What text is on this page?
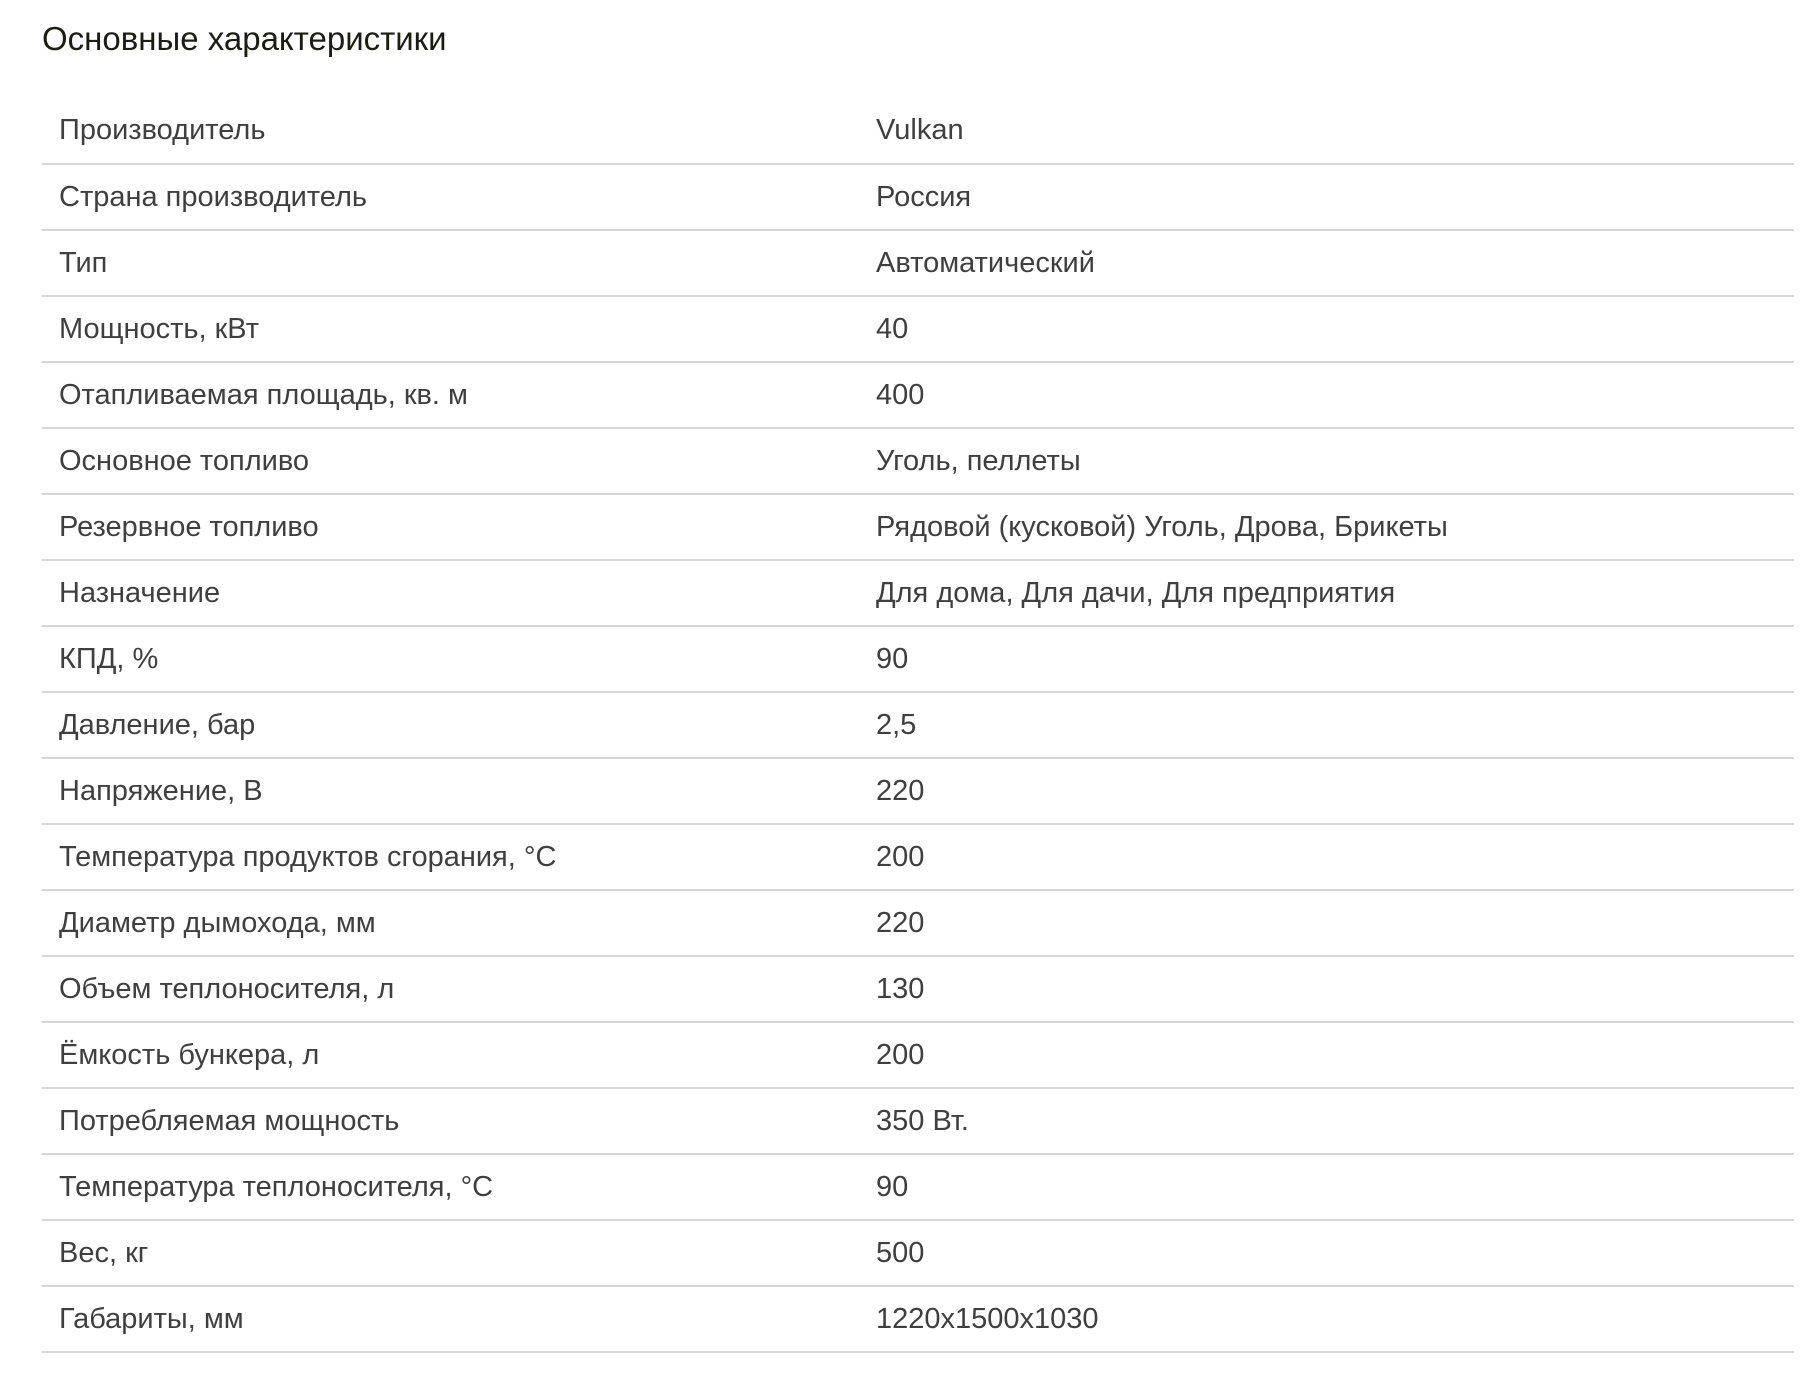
Основные характеристики
Производитель	Vulkan
Страна производитель	Россия
Тип	Автоматический
Мощность, кВт	40
Отапливаемая площадь, кв. м	400
Основное топливо	Уголь, пеллеты
Резервное топливо	Рядовой (кусковой) Уголь, Дрова, Брикеты
Назначение	Для дома, Для дачи, Для предприятия
КПД, %	90
Давление, бар	2,5
Напряжение, В	220
Температура продуктов сгорания, °С	200
Диаметр дымохода, мм	220
Объем теплоносителя, л	130
Ёмкость бункера, л	200
Потребляемая мощность	350 Вт.
Температура теплоносителя, °С	90
Вес, кг	500
Габариты, мм	1220x1500x1030
